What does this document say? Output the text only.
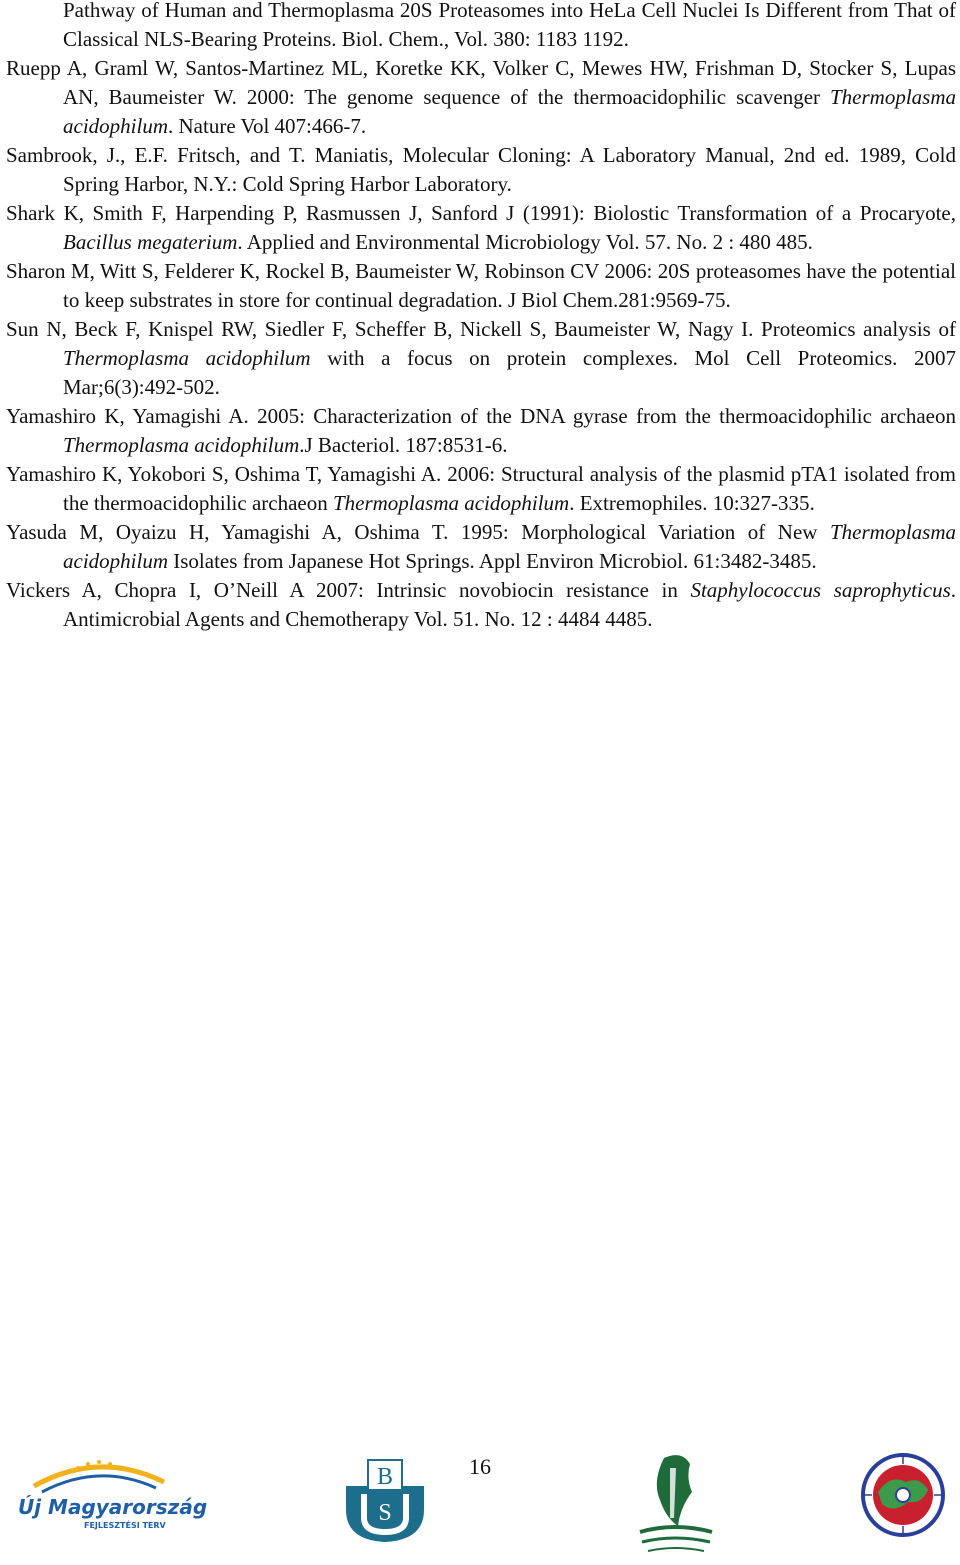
Pathway of Human and Thermoplasma 20S Proteasomes into HeLa Cell Nuclei Is Different from That of Classical NLS-Bearing Proteins. Biol. Chem., Vol. 380: 1183 1192.
Ruepp A, Graml W, Santos-Martinez ML, Koretke KK, Volker C, Mewes HW, Frishman D, Stocker S, Lupas AN, Baumeister W. 2000: The genome sequence of the thermoacidophilic scavenger Thermoplasma acidophilum. Nature Vol 407:466-7.
Sambrook, J., E.F. Fritsch, and T. Maniatis, Molecular Cloning: A Laboratory Manual, 2nd ed. 1989, Cold Spring Harbor, N.Y.: Cold Spring Harbor Laboratory.
Shark K, Smith F, Harpending P, Rasmussen J, Sanford J (1991): Biolostic Transformation of a Procaryote, Bacillus megaterium. Applied and Environmental Microbiology Vol. 57. No. 2 : 480 485.
Sharon M, Witt S, Felderer K, Rockel B, Baumeister W, Robinson CV 2006: 20S proteasomes have the potential to keep substrates in store for continual degradation. J Biol Chem.281:9569-75.
Sun N, Beck F, Knispel RW, Siedler F, Scheffer B, Nickell S, Baumeister W, Nagy I. Proteomics analysis of Thermoplasma acidophilum with a focus on protein complexes. Mol Cell Proteomics. 2007 Mar;6(3):492-502.
Yamashiro K, Yamagishi A. 2005: Characterization of the DNA gyrase from the thermoacidophilic archaeon Thermoplasma acidophilum.J Bacteriol. 187:8531-6.
Yamashiro K, Yokobori S, Oshima T, Yamagishi A. 2006: Structural analysis of the plasmid pTA1 isolated from the thermoacidophilic archaeon Thermoplasma acidophilum. Extremophiles. 10:327-335.
Yasuda M, Oyaizu H, Yamagishi A, Oshima T. 1995: Morphological Variation of New Thermoplasma acidophilum Isolates from Japanese Hot Springs. Appl Environ Microbiol. 61:3482-3485.
Vickers A, Chopra I, O’Neill A 2007: Intrinsic novobiocin resistance in Staphylococcus saprophyticus. Antimicrobial Agents and Chemotherapy Vol. 51. No. 12 : 4484 4485.
16
Új Magyarország
FEJLESZTÉSI TERV
B
S
